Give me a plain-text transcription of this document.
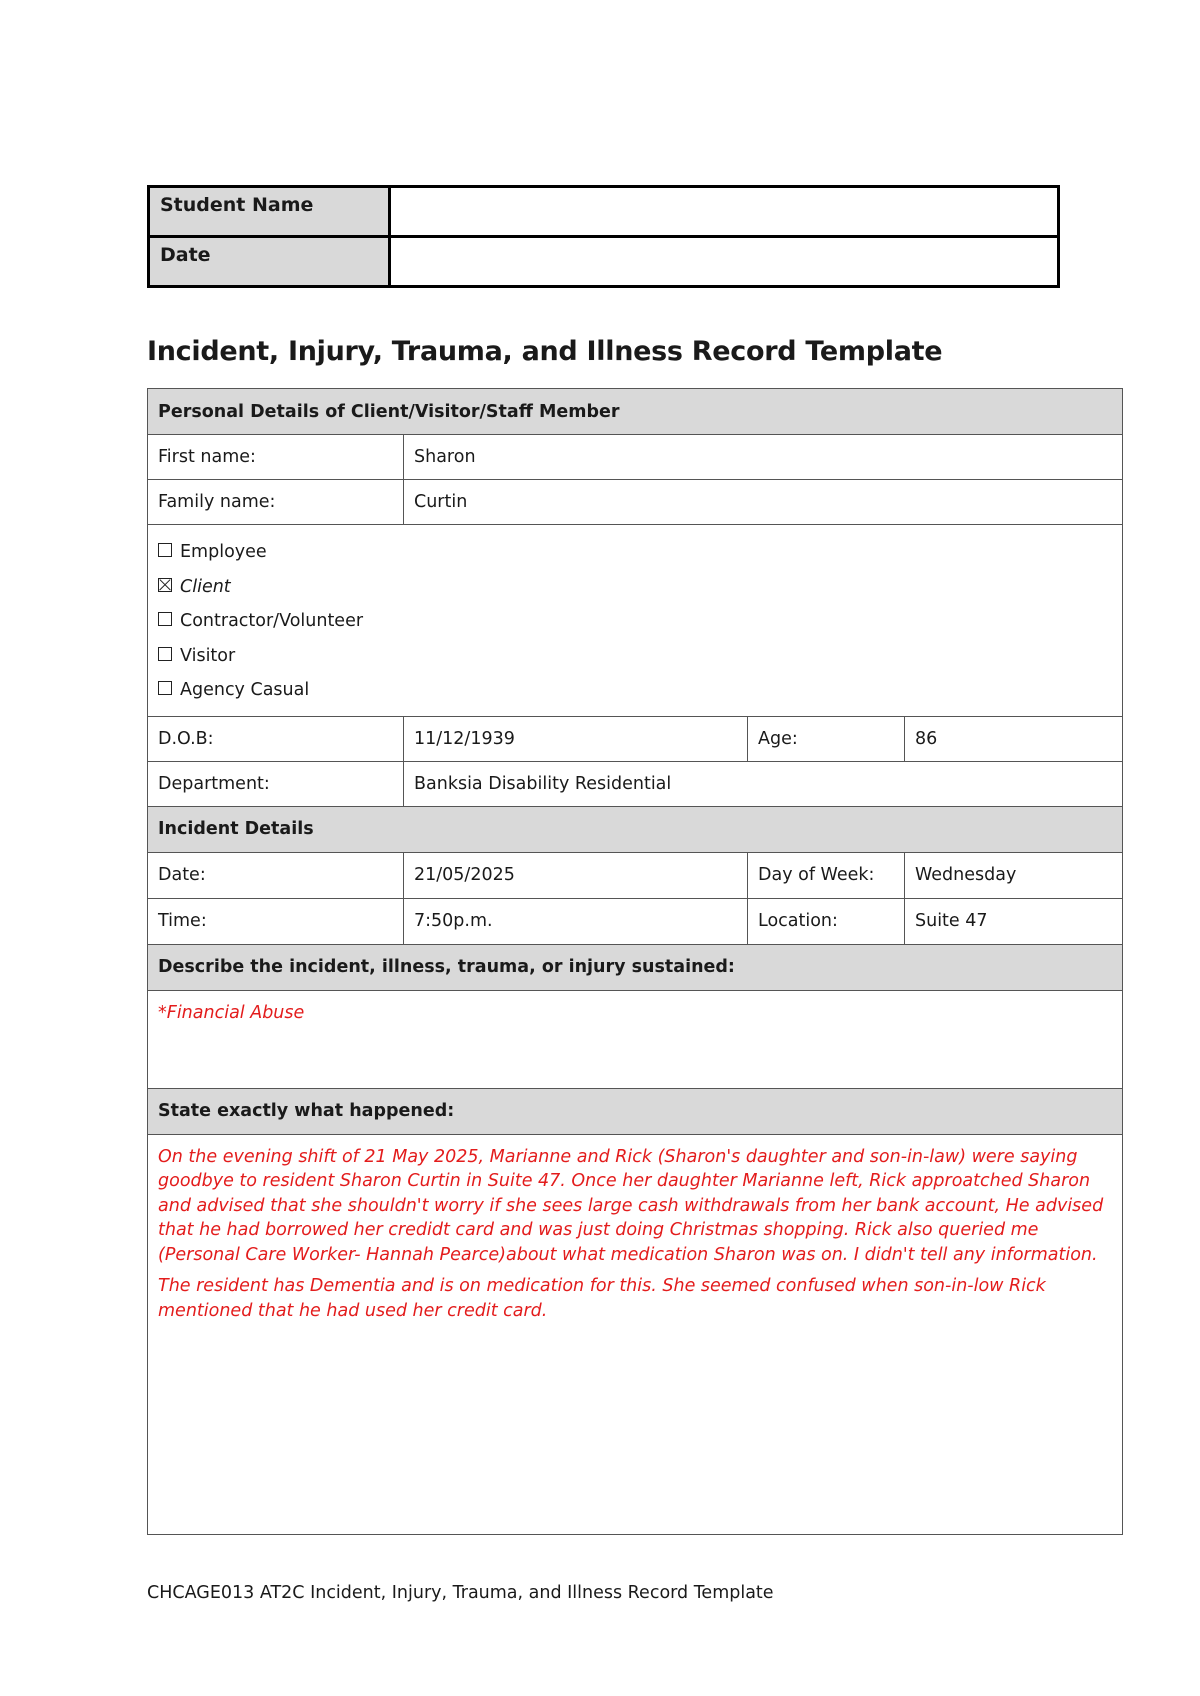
Student Name	
Date	
Incident, Injury, Trauma, and Illness Record Template
Personal Details of Client/Visitor/Staff Member			
First name:	Sharon		
Family name:	Curtin		

Employee
Client
Contractor/Volunteer
Visitor
Agency Casual			

D.O.B:	11/12/1939	Age:	86
Department:	Banksia Disability Residential		
Incident Details			
Date:	21/05/2025	Day of Week:	Wednesday
Time:	7:50p.m.	Location:	Suite 47
Describe the incident, illness, trauma, or injury sustained:			
*Financial Abuse			
State exactly what happened:			

On the evening shift of 21 May 2025, Marianne and Rick (Sharon's daughter and son-in-law) were saying goodbye to resident Sharon Curtin in Suite 47. Once her daughter Marianne left, Rick approatched Sharon and advised that she shouldn't worry if she sees large cash withdrawals from her bank account, He advised that he had borrowed her credidt card and was just doing Christmas shopping. Rick also queried me (Personal Care Worker- Hannah Pearce)about what medication Sharon was on. I didn't tell any information.

The resident has Dementia and is on medication for this. She seemed confused when son-in-low Rick mentioned that he had used her credit card.			

CHCAGE013 AT2C Incident, Injury, Trauma, and Illness Record Template
